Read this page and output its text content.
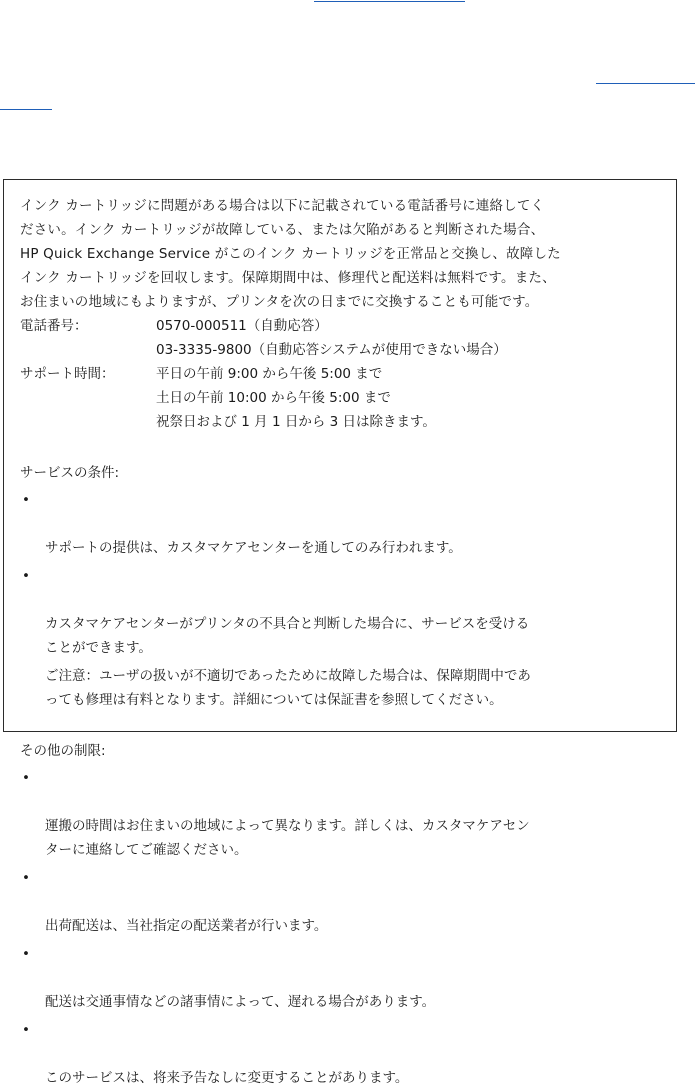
インク カートリッジに問題がある場合は以下に記載されている電話番号に連絡してく
ださい。インク カートリッジが故障している、または欠陥があると判断された場合、
HP Quick Exchange Service がこのインク カートリッジを正常品と交換し、故障した
インク カートリッジを回収します。保障期間中は、修理代と配送料は無料です。また、
お住まいの地域にもよりますが、プリンタを次の日までに交換することも可能です。

電話番号：	0570-000511（自動応答）
03-3335-9800（自動応答システムが使用できない場合）
サポート時間：	平日の午前 9:00 から午後 5:00 まで
土日の午前 10:00 から午後 5:00 まで
祝祭日および 1 月 1 日から 3 日は除きます。

サービスの条件:

•

サポートの提供は、カスタマケアセンターを通してのみ行われます。

•

カスタマケアセンターがプリンタの不具合と判断した場合に、サービスを受ける
ことができます。

ご注意：ユーザの扱いが不適切であったために故障した場合は、保障期間中であ
っても修理は有料となります。詳細については保証書を参照してください。

その他の制限:

•

運搬の時間はお住まいの地域によって異なります。詳しくは、カスタマケアセン
ターに連絡してご確認ください。

•

出荷配送は、当社指定の配送業者が行います。

•

配送は交通事情などの諸事情によって、遅れる場合があります。

•

このサービスは、将来予告なしに変更することがあります。
